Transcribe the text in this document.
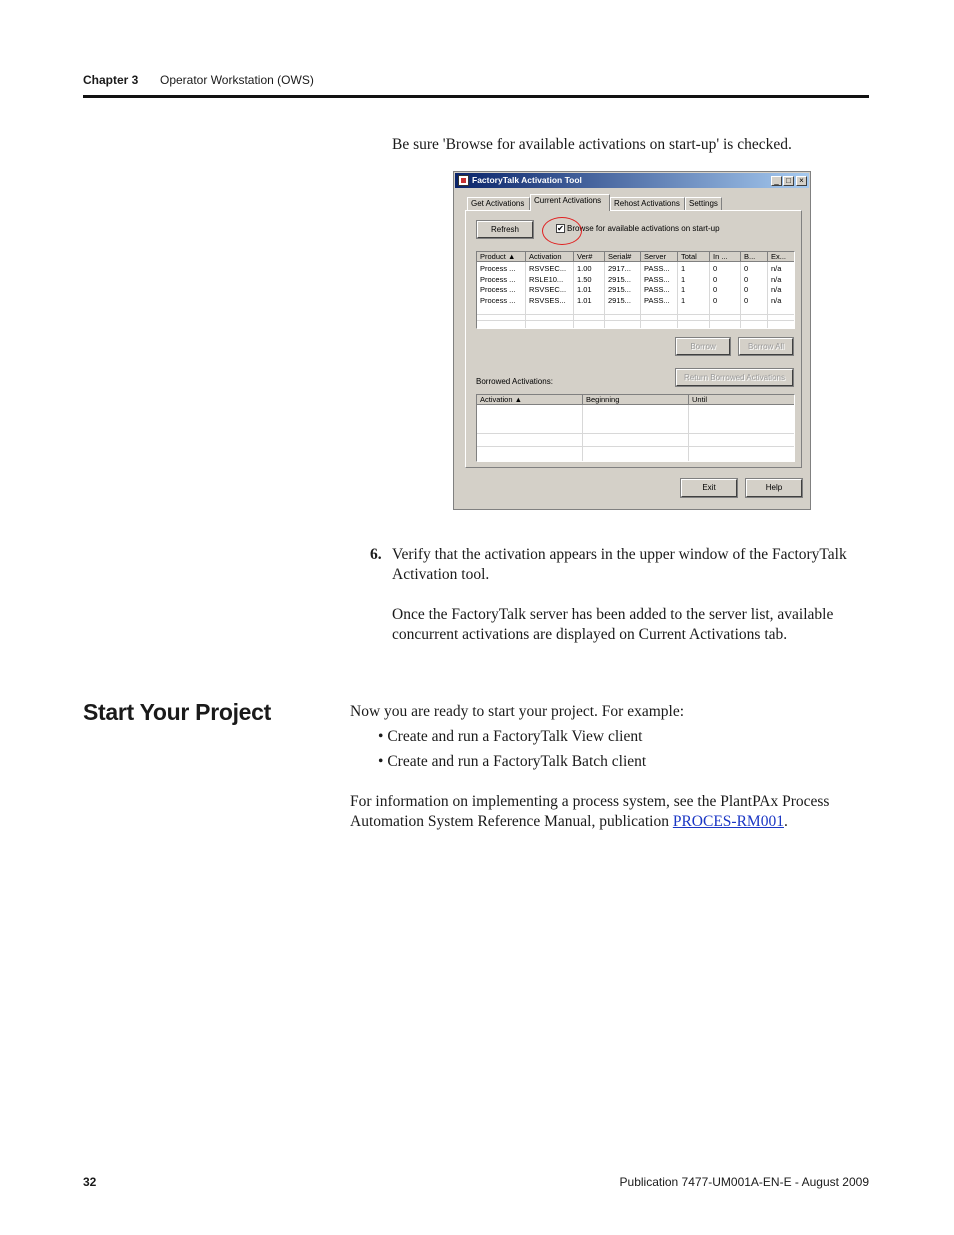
Chapter 3 Operator Workstation (OWS)
Be sure 'Browse for available activations on start-up' is checked.
FactoryTalk Activation Tool	_ □	×
Get Activations	Current Activations	Rehost Activations	Settings
Refresh	✔ Browse for available activations on start-up
Product ▲	Activation	Ver#	Serial#	Server	Total	In ...	B...	Ex...
Process ...	RSVSEC...	1.00	2917...	PASS...	1	0	0	n/a
Process ...	RSLE10...	1.50	2915...	PASS...	1	0	0	n/a
Process ...	RSVSEC...	1.01	2915...	PASS...	1	0	0	n/a
Process ...	RSVSES...	1.01	2915...	PASS...	1	0	0	n/a
Borrow	Borrow All
Borrowed Activations:	Return Borrowed Activations
Activation ▲	Beginning	Until
Exit	Help
6. Verify that the activation appears in the upper window of the FactoryTalk Activation tool.
Once the FactoryTalk server has been added to the server list, available concurrent activations are displayed on Current Activations tab.
Start Your Project	Now you are ready to start your project. For example:
• Create and run a FactoryTalk View client
• Create and run a FactoryTalk Batch client
For information on implementing a process system, see the PlantPAx Process Automation System Reference Manual, publication PROCES-RM001.
32	Publication 7477-UM001A-EN-E - August 2009
